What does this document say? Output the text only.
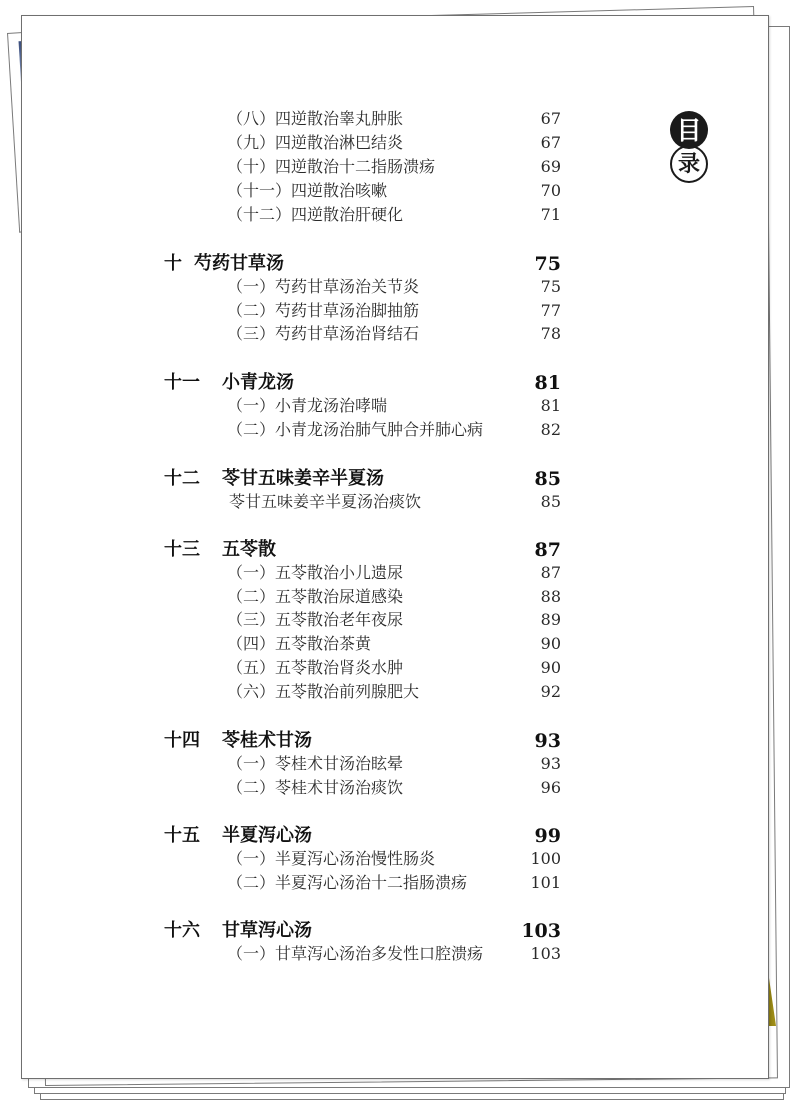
目
录
（八）四逆散治睾丸肿胀	67
（九）四逆散治淋巴结炎	67
（十）四逆散治十二指肠溃疡	69
（十一）四逆散治咳嗽	70
（十二）四逆散治肝硬化	71
十 芍药甘草汤	75
（一）芍药甘草汤治关节炎	75
（二）芍药甘草汤治脚抽筋	77
（三）芍药甘草汤治肾结石	78
十一 小青龙汤	81
（一）小青龙汤治哮喘	81
（二）小青龙汤治肺气肿合并肺心病	82
十二 苓甘五味姜辛半夏汤	85
苓甘五味姜辛半夏汤治痰饮	85
十三 五苓散	87
（一）五苓散治小儿遗尿	87
（二）五苓散治尿道感染	88
（三）五苓散治老年夜尿	89
（四）五苓散治茶黄	90
（五）五苓散治肾炎水肿	90
（六）五苓散治前列腺肥大	92
十四 苓桂术甘汤	93
（一）苓桂术甘汤治眩晕	93
（二）苓桂术甘汤治痰饮	96
十五 半夏泻心汤	99
（一）半夏泻心汤治慢性肠炎	100
（二）半夏泻心汤治十二指肠溃疡	101
十六 甘草泻心汤	103
（一）甘草泻心汤治多发性口腔溃疡	103
